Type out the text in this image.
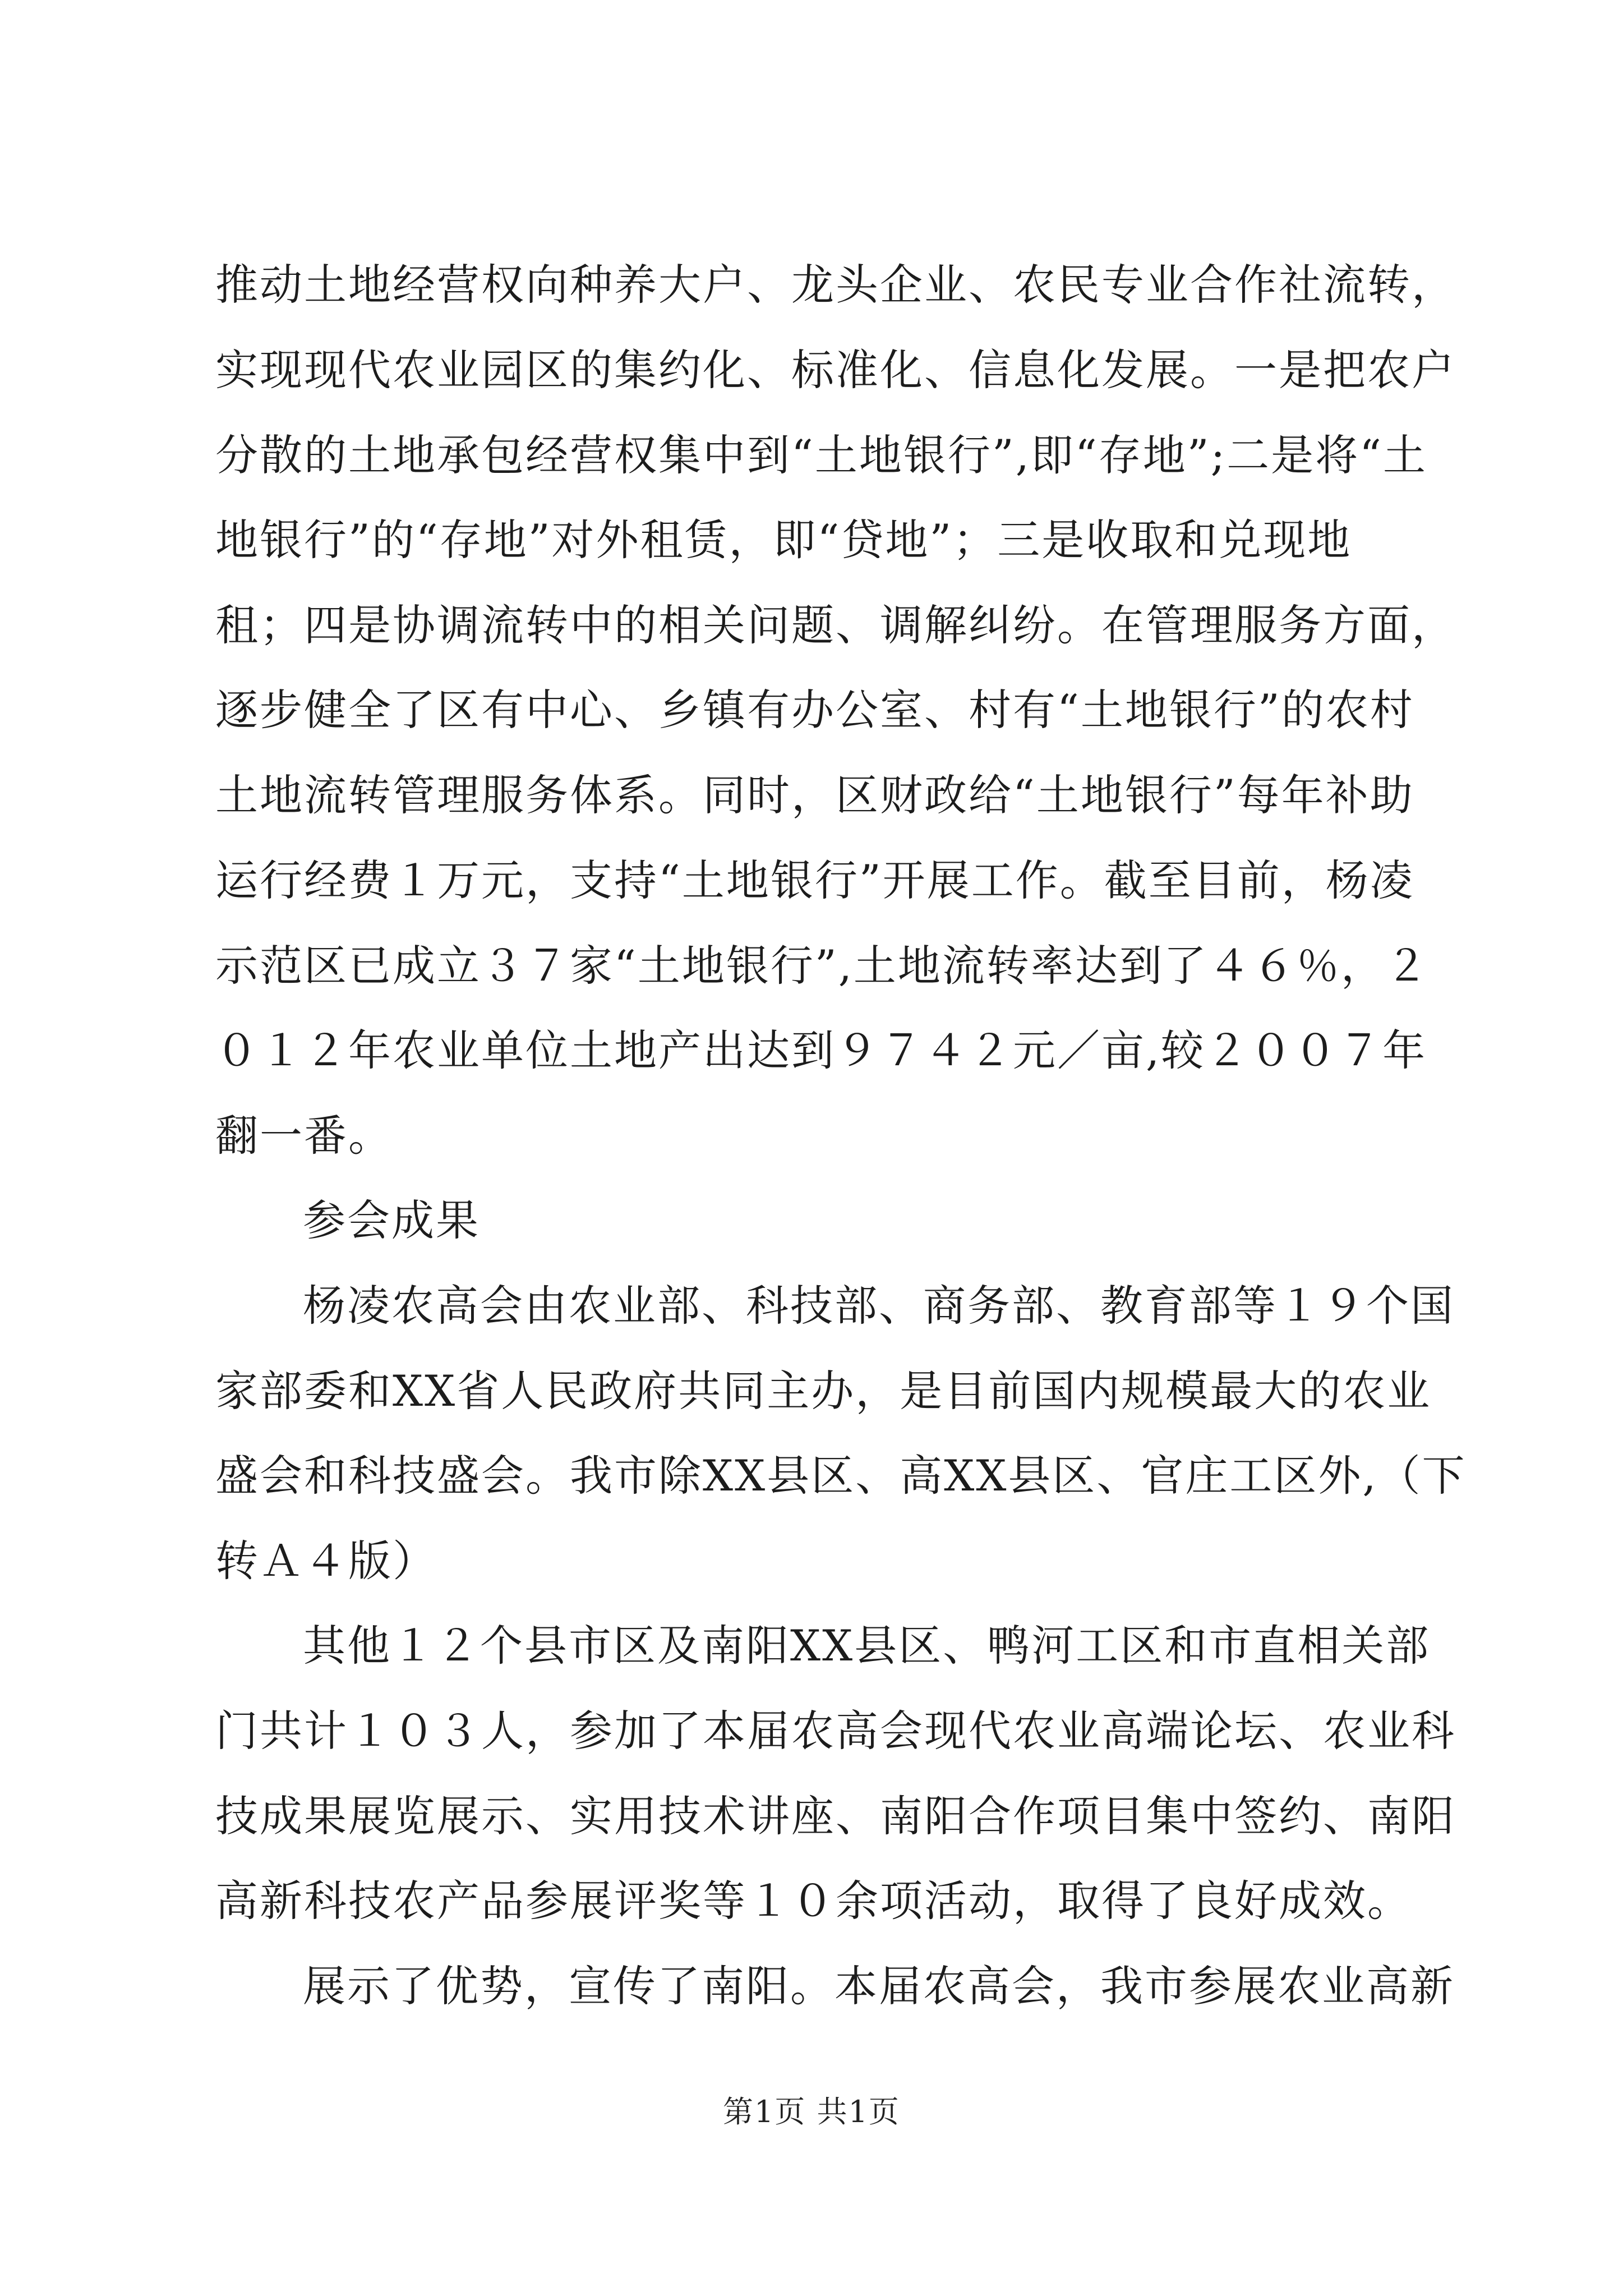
推动土地经营权向种养大户、龙头企业、农民专业合作社流转，
实现现代农业园区的集约化、标准化、信息化发展。一是把农户
分散的土地承包经营权集中到“土地银行”,即“存地”;二是将“土
地银行”的“存地”对外租赁，即“贷地”；三是收取和兑现地
租；四是协调流转中的相关问题、调解纠纷。在管理服务方面，
逐步健全了区有中心、乡镇有办公室、村有“土地银行”的农村
土地流转管理服务体系。同时，区财政给“土地银行”每年补助
运行经费１万元，支持“土地银行”开展工作。截至目前，杨凌
示范区已成立３７家“土地银行”,土地流转率达到了４６％，２
０１２年农业单位土地产出达到９７４２元／亩,较２００７年
翻一番。
参会成果
杨凌农高会由农业部、科技部、商务部、教育部等１９个国
家部委和XX省人民政府共同主办，是目前国内规模最大的农业
盛会和科技盛会。我市除XX县区、高XX县区、官庄工区外,（下
转Ａ４版）
其他１２个县市区及南阳XX县区、鸭河工区和市直相关部
门共计１０３人，参加了本届农高会现代农业高端论坛、农业科
技成果展览展示、实用技术讲座、南阳合作项目集中签约、南阳
高新科技农产品参展评奖等１０余项活动，取得了良好成效。
展示了优势，宣传了南阳。本届农高会，我市参展农业高新
第1页 共1页
